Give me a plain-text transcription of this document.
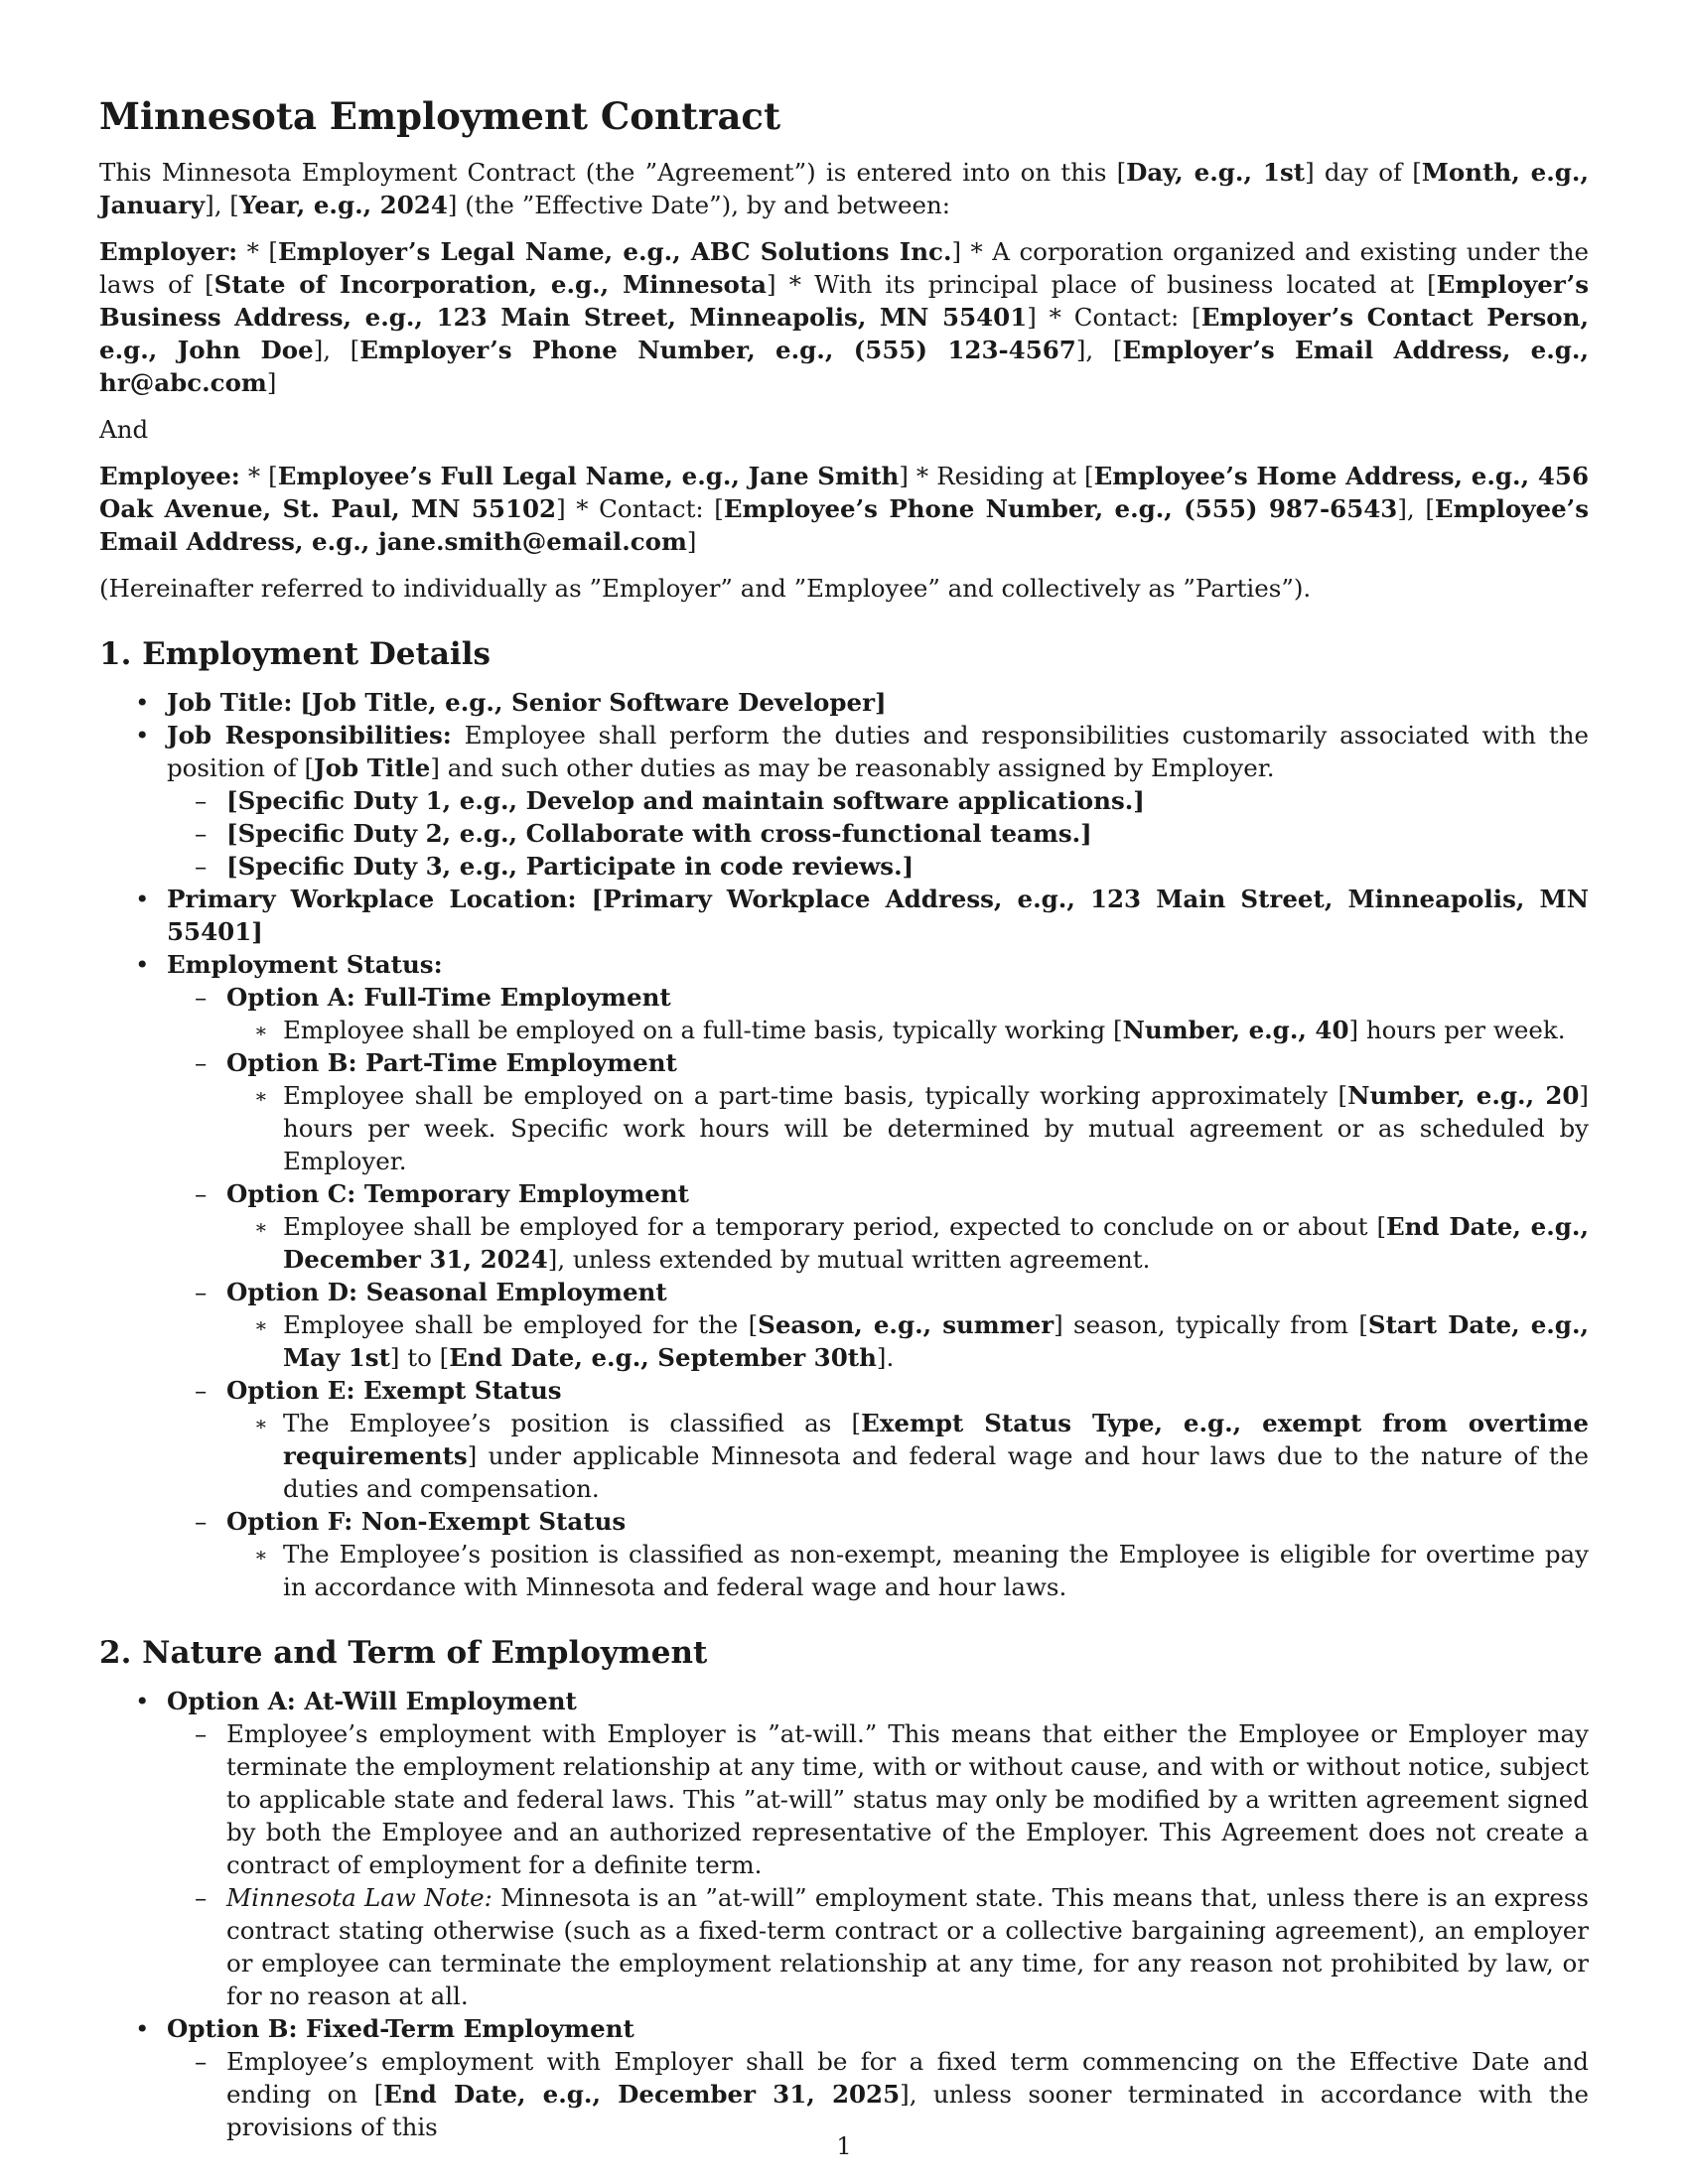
Minnesota Employment Contract

This Minnesota Employment Contract (the ”Agreement”) is entered into on this [Day, e.g., 1st] day of [Month, e.g., January], [Year, e.g., 2024] (the ”Effective Date”), by and between:

Employer: * [Employer’s Legal Name, e.g., ABC Solutions Inc.] * A corporation organized and existing under the laws of [State of Incorporation, e.g., Minnesota] * With its principal place of business located at [Employer’s Business Address, e.g., 123 Main Street, Minneapolis, MN 55401] * Contact: [Employer’s Contact Person, e.g., John Doe], [Employer’s Phone Number, e.g., (555) 123-4567], [Employer’s Email Address, e.g., hr@abc.com]

And

Employee: * [Employee’s Full Legal Name, e.g., Jane Smith] * Residing at [Employee’s Home Address, e.g., 456 Oak Avenue, St. Paul, MN 55102] * Contact: [Employee’s Phone Number, e.g., (555) 987-6543], [Employee’s Email Address, e.g., jane.smith@email.com]

(Hereinafter referred to individually as ”Employer” and ”Employee” and collectively as ”Parties”).

1. Employment Details
• Job Title: [Job Title, e.g., Senior Software Developer]
• Job Responsibilities: Employee shall perform the duties and responsibilities customarily associated with the position of [Job Title] and such other duties as may be reasonably assigned by Employer.
– [Specific Duty 1, e.g., Develop and maintain software applications.]
– [Specific Duty 2, e.g., Collaborate with cross-functional teams.]
– [Specific Duty 3, e.g., Participate in code reviews.]
• Primary Workplace Location: [Primary Workplace Address, e.g., 123 Main Street, Minneapolis, MN 55401]
• Employment Status:
– Option A: Full-Time Employment
∗ Employee shall be employed on a full-time basis, typically working [Number, e.g., 40] hours per week.
– Option B: Part-Time Employment
∗ Employee shall be employed on a part-time basis, typically working approximately [Number, e.g., 20] hours per week. Specific work hours will be determined by mutual agreement or as scheduled by Employer.
– Option C: Temporary Employment
∗ Employee shall be employed for a temporary period, expected to conclude on or about [End Date, e.g., December 31, 2024], unless extended by mutual written agreement.
– Option D: Seasonal Employment
∗ Employee shall be employed for the [Season, e.g., summer] season, typically from [Start Date, e.g., May 1st] to [End Date, e.g., September 30th].
– Option E: Exempt Status
∗ The Employee’s position is classified as [Exempt Status Type, e.g., exempt from overtime requirements] under applicable Minnesota and federal wage and hour laws due to the nature of the duties and compensation.
– Option F: Non-Exempt Status
∗ The Employee’s position is classified as non-exempt, meaning the Employee is eligible for overtime pay in accordance with Minnesota and federal wage and hour laws.
2. Nature and Term of Employment
• Option A: At-Will Employment
– Employee’s employment with Employer is ”at-will.” This means that either the Employee or Employer may terminate the employment relationship at any time, with or without cause, and with or without notice, subject to applicable state and federal laws. This ”at-will” status may only be modified by a written agreement signed by both the Employee and an authorized representative of the Employer. This Agreement does not create a contract of employment for a definite term.
– Minnesota Law Note: Minnesota is an ”at-will” employment state. This means that, unless there is an express contract stating otherwise (such as a fixed-term contract or a collective bargaining agreement), an employer or employee can terminate the employment relationship at any time, for any reason not prohibited by law, or for no reason at all.
• Option B: Fixed-Term Employment
– Employee’s employment with Employer shall be for a fixed term commencing on the Effective Date and ending on [End Date, e.g., December 31, 2025], unless sooner terminated in accordance with the provisions of this
1
